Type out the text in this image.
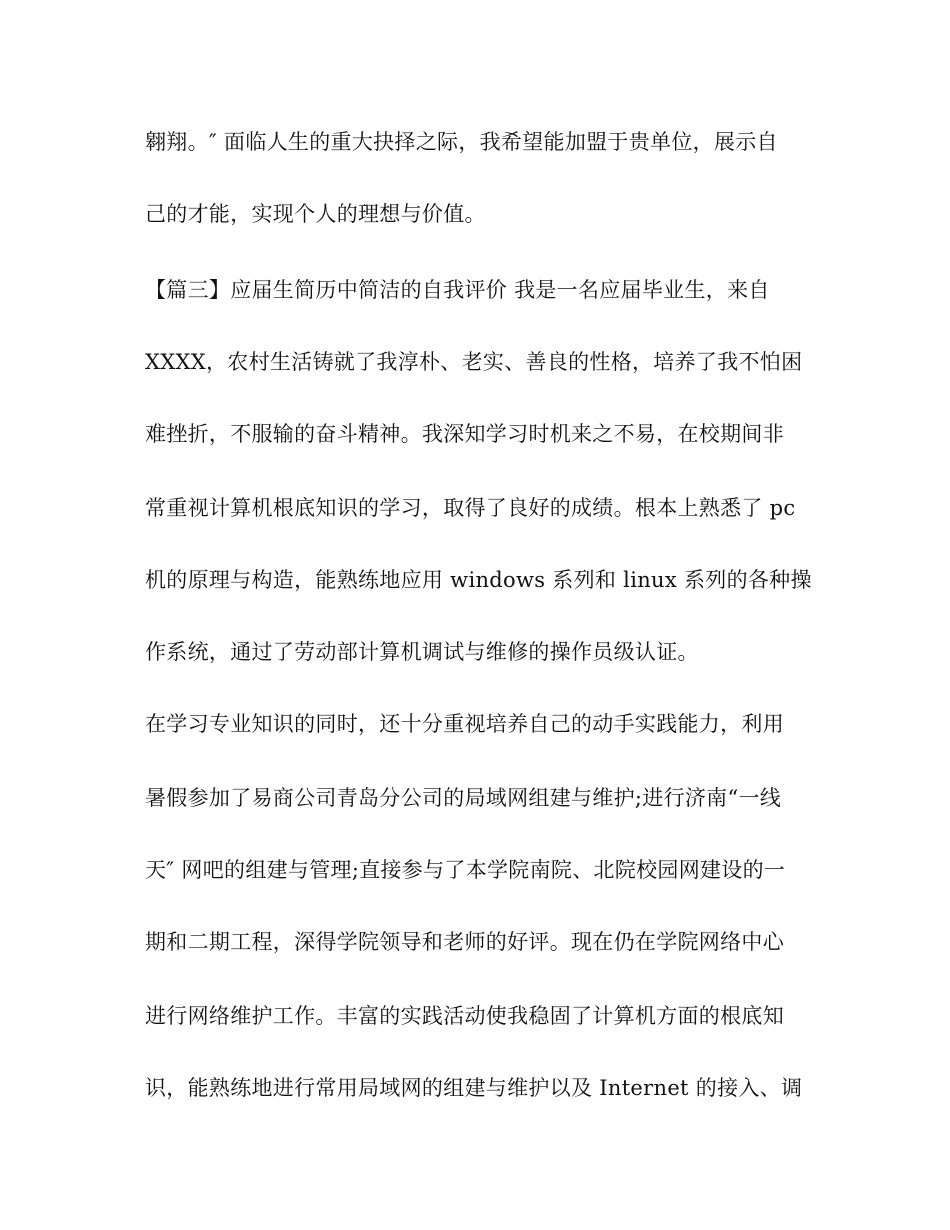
翱翔。″ 面临人生的重大抉择之际，我希望能加盟于贵单位，展示自
己的才能，实现个人的理想与价值。
【篇三】应届生简历中简洁的自我评价 我是一名应届毕业生，来自
XXXX，农村生活铸就了我淳朴、老实、善良的性格，培养了我不怕困
难挫折，不服输的奋斗精神。我深知学习时机来之不易，在校期间非
常重视计算机根底知识的学习，取得了良好的成绩。根本上熟悉了 pc
机的原理与构造，能熟练地应用 windows 系列和 linux 系列的各种操
作系统，通过了劳动部计算机调试与维修的操作员级认证。
在学习专业知识的同时，还十分重视培养自己的动手实践能力，利用
暑假参加了易商公司青岛分公司的局域网组建与维护;进行济南“一线
天″ 网吧的组建与管理;直接参与了本学院南院、北院校园网建设的一
期和二期工程，深得学院领导和老师的好评。现在仍在学院网络中心
进行网络维护工作。丰富的实践活动使我稳固了计算机方面的根底知
识，能熟练地进行常用局域网的组建与维护以及 Internet 的接入、调
